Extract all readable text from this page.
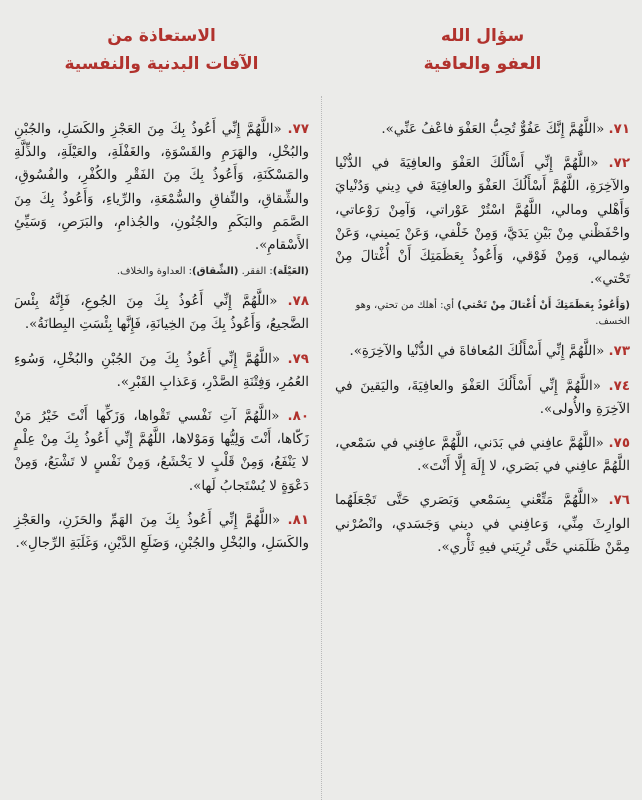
سؤال الله
العفو والعافية
٧١. «اللَّهُمَّ إِنَّكَ عَفُوٌّ تُحِبُّ العَفْوَ فاعْفُ عَنِّي».
٧٢. «اللَّهُمَّ إِنِّي أَسْأَلُكَ العَفْوَ والعافِيَةَ في الدُّنْيا والآخِرَةِ، اللَّهُمَّ أَسْأَلُكَ العَفْوَ والعافِيَةَ في دِيني وَدُنْيايَ وَأَهْلي ومالي، اللَّهُمَّ اسْتُرْ عَوْراتي، وَآمِنْ رَوْعاتي، واحْفَظْني مِنْ بَيْنِ يَدَيَّ، وَمِنْ خَلْفي، وَعَنْ يَميني، وَعَنْ شِمالي، وَمِنْ فَوْقي، وَأَعُوذُ بِعَظَمَتِكَ أَنْ أُغْتالَ مِنْ تَحْتي».
(وَأَعُوذُ بِعَظَمَتِكَ أَنْ أُغْتالَ مِنْ تَحْتي) أي: أهلك من تحتي، وهو الخسف.
٧٣. «اللَّهُمَّ إِنِّي أَسْأَلُكَ المُعافاةَ في الدُّنْيا والآخِرَةِ».
٧٤. «اللَّهُمَّ إِنِّي أَسْأَلُكَ العَفْوَ والعافِيَةَ، واليَقينَ في الآخِرَةِ والأُولى».
٧٥. «اللَّهُمَّ عافِني في بَدَني، اللَّهُمَّ عافِني في سَمْعي، اللَّهُمَّ عافِني في بَصَري، لا إِلَهَ إِلَّا أَنْتَ».
٧٦. «اللَّهُمَّ مَتِّعْني بِسَمْعي وَبَصَري حَتَّى تَجْعَلَهُما الوارِثَ مِنِّي، وَعافِني في ديني وَجَسَدي، وانْصُرْني مِمَّنْ ظَلَمَني حَتَّى تُرِيَني فيهِ ثَأْري».
الاستعاذة من
الآفات البدنية والنفسية
٧٧. «اللَّهُمَّ إِنِّي أَعُوذُ بِكَ مِنَ العَجْزِ والكَسَلِ، والجُبْنِ والبُخْلِ، والهَرَمِ والقَسْوَةِ، والغَفْلَةِ، والعَيْلَةِ، والذِّلَّةِ والمَسْكَنَةِ، وَأَعُوذُ بِكَ مِنَ الفَقْرِ والكُفْرِ، والفُسُوقِ، والشِّقاقِ، والنِّفاقِ والسُّمْعَةِ، والرِّياءِ، وَأَعُوذُ بِكَ مِنَ الصَّمَمِ والبَكَمِ والجُنُونِ، والجُذامِ، والبَرَصِ، وَسَيِّئِ الأَسْقامِ».
(العَيْلَة): الفقر. (الشِّقاق): العداوة والخلاف.
٧٨. «اللَّهُمَّ إِنِّي أَعُوذُ بِكَ مِنَ الجُوعِ، فَإِنَّهُ بِئْسَ الضَّجيعُ، وَأَعُوذُ بِكَ مِنَ الخِيانَةِ، فَإِنَّها بِئْسَتِ البِطانَةُ».
٧٩. «اللَّهُمَّ إِنِّي أَعُوذُ بِكَ مِنَ الجُبْنِ والبُخْلِ، وَسُوءِ العُمُرِ، وَفِتْنَةِ الصَّدْرِ، وَعَذابِ القَبْرِ».
٨٠. «اللَّهُمَّ آتِ نَفْسي تَقْواها، وَزَكِّها أَنْتَ خَيْرُ مَنْ زَكّاها، أَنْتَ وَلِيُّها وَمَوْلاها، اللَّهُمَّ إِنِّي أَعُوذُ بِكَ مِنْ عِلْمٍ لا يَنْفَعُ، وَمِنْ قَلْبٍ لا يَخْشَعُ، وَمِنْ نَفْسٍ لا تَشْبَعُ، وَمِنْ دَعْوَةٍ لا يُسْتَجابُ لَها».
٨١. «اللَّهُمَّ إِنِّي أَعُوذُ بِكَ مِنَ الهَمِّ والحَزَنِ، والعَجْزِ والكَسَلِ، والبُخْلِ والجُبْنِ، وَضَلَعِ الدَّيْنِ، وَغَلَبَةِ الرِّجالِ».
